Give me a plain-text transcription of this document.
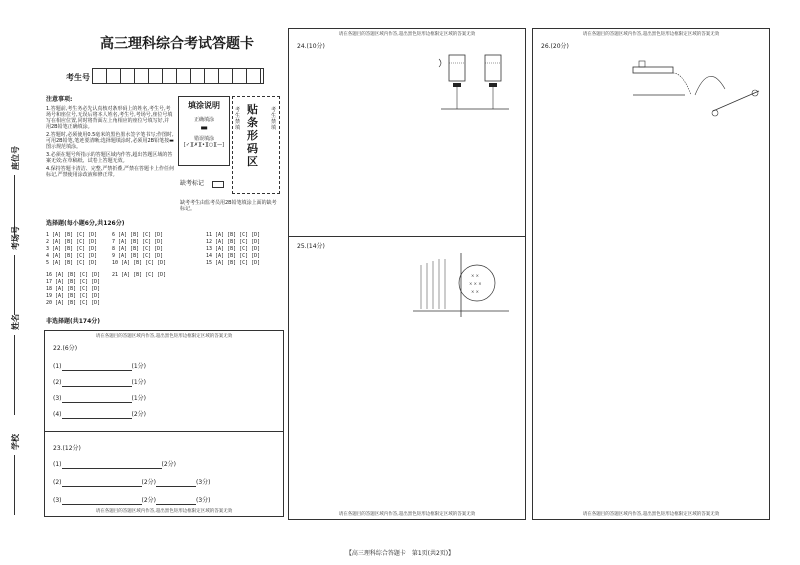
高三理科综合考试答题卡
考生号
座位号
考场号
姓名
学校
注意事项:
1.答题前,考生务必先认真核对条形码上的姓名,考生号,考场号和座位号,无误后将本人姓名,考生号,考场号,座位号填写在相应位置,同时将背面左上角相应的座位号填写好,并用2B铅笔正确填涂。
2.答题时,必须使用0.5毫米的黑色墨水签字笔书写;作图时,可用2B铅笔,笔迹要清晰;选择题填涂时,必须用2B铅笔按▬图示规范填涂。
3.必须在题号所指示的答题区域内作答,超出答题区域的答案无效;在草稿纸、试卷上答题无效。
4.保持答题卡清洁、完整,严禁折叠,严禁在答题卡上作任何标记,严禁使用涂改液和修正带。
填涂说明
正确填涂
▬
错误填涂
[✓][✗][•][○][—]
缺考标记
贴条形码区
考生禁填
考生禁填
缺考考生由监考员用2B铅笔填涂上面的缺考标记。
选择题(每小题6分,共126分)
1 [A] [B] [C] [D]
2 [A] [B] [C] [D]
3 [A] [B] [C] [D]
4 [A] [B] [C] [D]
5 [A] [B] [C] [D]
6 [A] [B] [C] [D]
7 [A] [B] [C] [D]
8 [A] [B] [C] [D]
9 [A] [B] [C] [D]
10 [A] [B] [C] [D]
11 [A] [B] [C] [D]
12 [A] [B] [C] [D]
13 [A] [B] [C] [D]
14 [A] [B] [C] [D]
15 [A] [B] [C] [D]
16 [A] [B] [C] [D]
17 [A] [B] [C] [D]
18 [A] [B] [C] [D]
19 [A] [B] [C] [D]
20 [A] [B] [C] [D]
21 [A] [B] [C] [D]
非选择题(共174分)
请在各题目的答题区域内作答,超出黑色矩形边框限定区域的答案无效
22.(6分)
(1)	(1分)
(2)	(1分)
(3)	(1分)
(4)	(2分)
23.(12分)
(1)	(2分)
(2)	(2分)	(3分)
(3)	(2分)	(3分)
请在各题目的答题区域内作答,超出黑色矩形边框限定区域的答案无效
请在各题目的答题区域内作答,超出黑色矩形边框限定区域的答案无效
24.(10分)
25.(14分)
× ×
× × ×
× ×
请在各题目的答题区域内作答,超出黑色矩形边框限定区域的答案无效
请在各题目的答题区域内作答,超出黑色矩形边框限定区域的答案无效
26.(20分)
请在各题目的答题区域内作答,超出黑色矩形边框限定区域的答案无效
【高三理科综合答题卡　第1页(共2页)】
